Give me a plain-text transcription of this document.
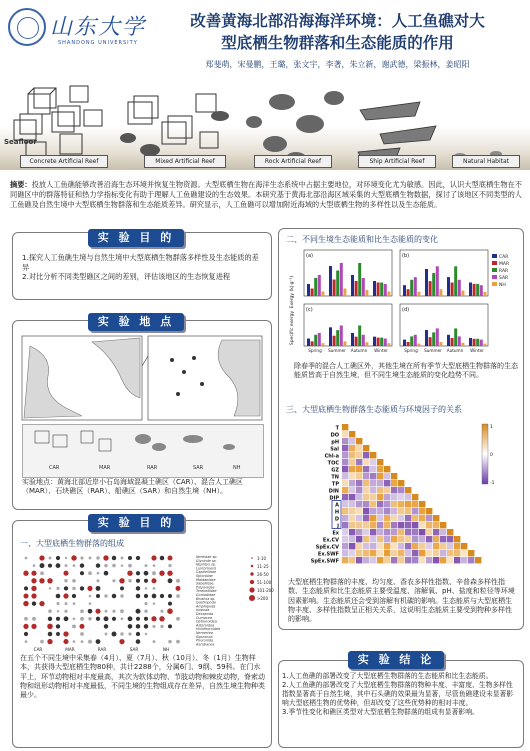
山东大学
SHANDONG UNIVERSITY
改善黄海北部沿海海洋环境：人工鱼礁对大
型底栖生物群落和生态能质的作用
郑斐萌，宋曼鹏，王璐，张文宇，李著，朱立新，谢武德，梁振林，姜昭阳
Seafloor
Concrete Artificial Reef	Mixed Artificial Reef	Rock Artificial Reef	Ship Artificial Reef	Natural Habitat
摘要：投放人工鱼礁能够改善沿海生态环境并恢复生物资源。大型底栖生物在海洋生态系统中占据主要地位，对环境变化尤为敏感。因此，认识大型底栖生物在不同礁区中的群落特征和热力学指标变化有助于理解人工鱼礁建设的生态效果。本研究基于黄海北部沿海区域采集的大型底栖生物数据，探讨了该地区不同类型的人工鱼礁及自然生境中大型底栖生物群落和生态能质差异。研究显示，人工鱼礁可以增加附近海域的大型底栖生物的多样性以及生态能质。
实 验 目 的
1.探究人工鱼礁生境与自然生境中大型底栖生物群落多样性及生态能质的差异
2.对比分析不同类型礁区之间的差别，评估该地区的生态恢复进程
实 验 地 点
CAR	MAR	RAR	SAR	NH
实验地点：黄海北部近岸小石岛海域混凝土礁区（CAR）、混合人工礁区（MAR）、石块礁区（RAR）、船礁区（SAR）和自然生境（NH）。
实 验 目 的
一、大型底栖生物群落的组成
CAR	MAR	RAR	SAR	NH
Nereidae sp.
Glycinde sp.
Nephtys sp.
Lumbrineris
Capitellidae
Spionidae
Maldanidae
Sabellidae
Polynoidae
Terebellidae
Goniadidae
Bivalvia sp.
Gastropoda
Amphipoda
Isopoda
Decapoda
Cumacea
Ophiuroidea
Asteroidea
Holothuroidea
Nemertea
Sipuncula
Phoronida
Ascidiacea
1-10
11-25
26-50
51-100
101-200
>200
在五个不同生境中采集春（4月）、夏（7月）、秋（10月）、冬（1月）生物样本，共获得大型底栖生物80种，共计2288个，分属6门、9纲、59科。在门水平上，环节动物相对丰度最高，其次为软体动物、节肢动物和棘皮动物，脊索动物和纽形动物相对丰度最低，不同生境的生物组成存在差异，自然生境生物种类最少。
二、不同生境生态能质和比生态能质的变化
(a)	(b)
(c)
Spring Summer Autumn Winter
(d)
Spring Summer Autumn Winter
Exergy (kJ·g⁻¹)
Specific exergy
CAR
MAR
RAR
SAR
NH
除春季的混合人工礁区外，其他生境在所有季节大型底栖生物群落的生态能质皆高于自然生境，但不同生境生态能质的变化趋势不同。
三、大型底栖生物群落生态能质与环境因子的关系
T
DO
pH
Sal
Chl-a
TOC
GZ
TN
TP
DIN
DIP
A
H
D
J
Ex
Ex.CV
SpEx.CV
Ex.SWF
SpEx.SWF
1
0
-1
大型底栖生物群落的丰度、均匀度、香农多样性指数、辛普森多样性指数、生态能质和比生态能质主要受温度、溶解氧、pH、盐度和粒径等环境因素影响。生态能质还会受到溶解有机碳的影响。生态能质与大型底栖生物丰度、多样性指数呈正相关关系，这说明生态能质主要受到物种多样性的影响。
实 验 结 论
1.人工鱼礁的部署改变了大型底栖生物群落的生态能质和比生态能质。
2.人工鱼礁的部署改变了大型底栖生物群落的物种丰度、丰富度、生物多样性指数显著高于自然生境，其中石头礁的效果最为显著，尽管鱼礁建设未显著影响大型底栖生物的优势种，但却改变了这些优势种的相对丰度。
3.季节性变化和礁区类型对大型底栖生物群落的组成有显著影响。
